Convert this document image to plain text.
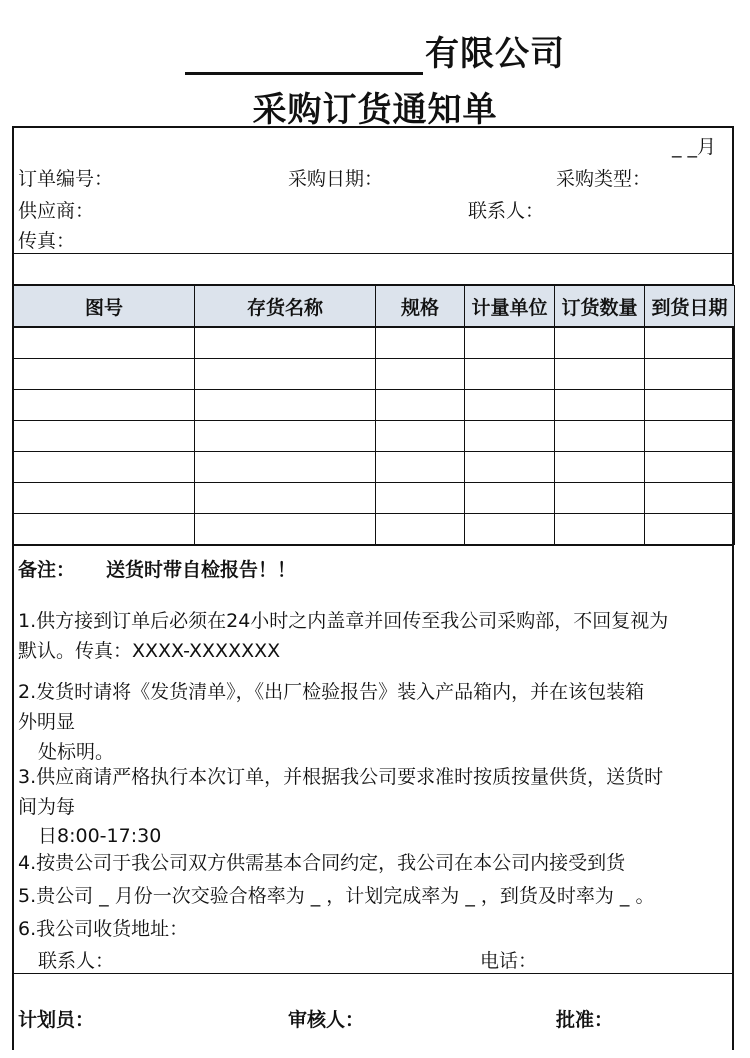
有限公司
采购订货通知单
_ _月
订单编号：	采购日期：	采购类型：
供应商：	联系人：
传真：
图号	存货名称	规格	计量单位	订货数量	到货日期

备注： 送货时带自检报告！！
1.供方接到订单后必须在24小时之内盖章并回传至我公司采购部，不回复视为
默认。传真：XXXX-XXXXXXX
2.发货时请将《发货清单》，《出厂检验报告》装入产品箱内，并在该包装箱
外明显
处标明。
3.供应商请严格执行本次订单，并根据我公司要求准时按质按量供货，送货时
间为每
日8:00-17:30
4.按贵公司于我公司双方供需基本合同约定，我公司在本公司内接受到货
5.贵公司 _ 月份一次交验合格率为 _ ，计划完成率为 _ ，到货及时率为 _ 。
6.我公司收货地址：
联系人：	电话：
计划员：	审核人：	批准：
